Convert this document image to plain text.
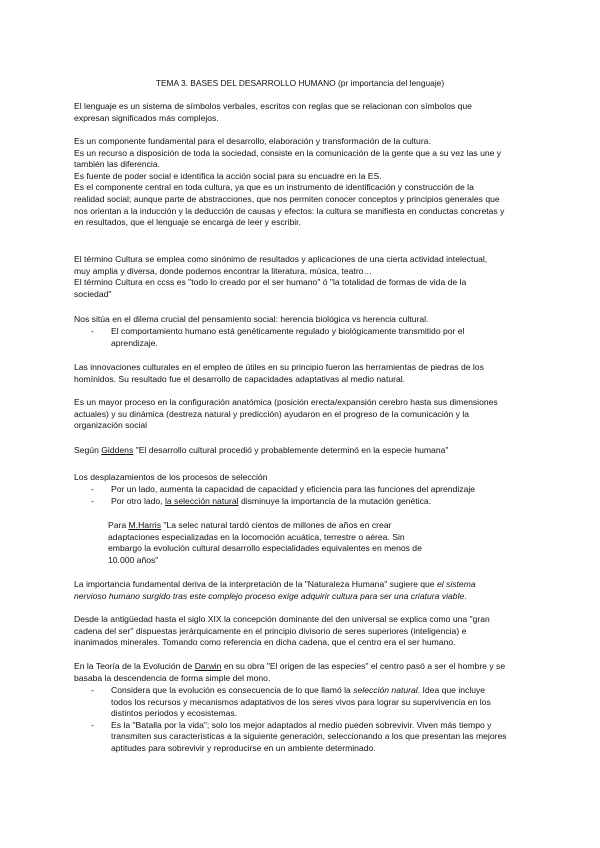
TEMA 3. BASES DEL DESARROLLO HUMANO (pr importancia del lenguaje)

El lenguaje es un sistema de símbolos verbales, escritos con reglas que se relacionan con símbolos que
expresan significados más complejos.

Es un componente fundamental para el desarrollo, elaboración y transformación de la cultura.
Es un recurso a disposición de toda la sociedad, consiste en la comunicación de la gente que a su vez las une y
también las diferencia.
Es fuente de poder social e identifica la acción social para su encuadre en la ES.
Es el componente central en toda cultura, ya que es un instrumento de identificación y construcción de la
realidad social; aunque parte de abstracciones, que nos permiten conocer conceptos y principios generales que
nos orientan a la inducción y la deducción de causas y efectos: la cultura se manifiesta en conductas concretas y
en resultados, que el lenguaje se encarga de leer y escribir.

El término Cultura se emplea como sinónimo de resultados y aplicaciones de una cierta actividad intelectual,
muy amplia y diversa, donde podemos encontrar la literatura, música, teatro…
El término Cultura en ccss es "todo lo creado por el ser humano" ó "la totalidad de formas de vida de la
sociedad"

Nos sitúa en el dilema crucial del pensamiento social: herencia biológica vs herencia cultural.

- El comportamiento humano está genéticamente regulado y biológicamente transmitido por el
aprendizaje.

Las innovaciones culturales en el empleo de útiles en su principio fueron las herramientas de piedras de los
homínidos. Su resultado fue el desarrollo de capacidades adaptativas al medio natural.

Es un mayor proceso en la configuración anatómica (posición erecta/expansión cerebro hasta sus dimensiones
actuales) y su dinámica (destreza natural y predicción) ayudaron en el progreso de la comunicación y la
organización social

Según Giddens "El desarrollo cultural procedió y probablemente determinó en la especie humana"

Los desplazamientos de los procesos de selección

- Por un lado, aumenta la capacidad de capacidad y eficiencia para las funciones del aprendizaje
- Por otro lado, la selección natural disminuye la importancia de la mutación genética.

Para M.Harris "La selec natural tardó cientos de millones de años en crear
adaptaciones especializadas en la locomoción acuática, terrestre o aérea. Sin
embargo la evolución cultural desarrollo especialidades equivalentes en menos de
10.000 años"

La importancia fundamental deriva de la interpretación de la "Naturaleza Humana" sugiere que el sistema
nervioso humano surgido tras este complejo proceso exige adquirir cultura para ser una criatura viable.

Desde la antigüedad hasta el siglo XIX la concepción dominante del den universal se explica como una "gran
cadena del ser" dispuestas jerárquicamente en el principio divisorio de seres superiores (inteligencia) e
inanimados minerales. Tomando como referencia en dicha cadena, que el centro era el ser humano.

En la Teoría de la Evolución de Darwin en su obra "El origen de las especies" el centro pasó a ser el hombre y se
basaba la descendencia de forma simple del mono.

- Considera que la evolución es consecuencia de lo que llamó la selección natural. Idea que incluye
todos los recursos y mecanismos adaptativos de los seres vivos para lograr su supervivencia en los
distintos periodos y ecosistemas.
- Es la "Batalla por la vida"; solo los mejor adaptados al medio pueden sobrevivir. Viven más tiempo y
transmiten sus características a la siguiente generación, seleccionando a los que presentan las mejores
aptitudes para sobrevivir y reproducirse en un ambiente determinado.
